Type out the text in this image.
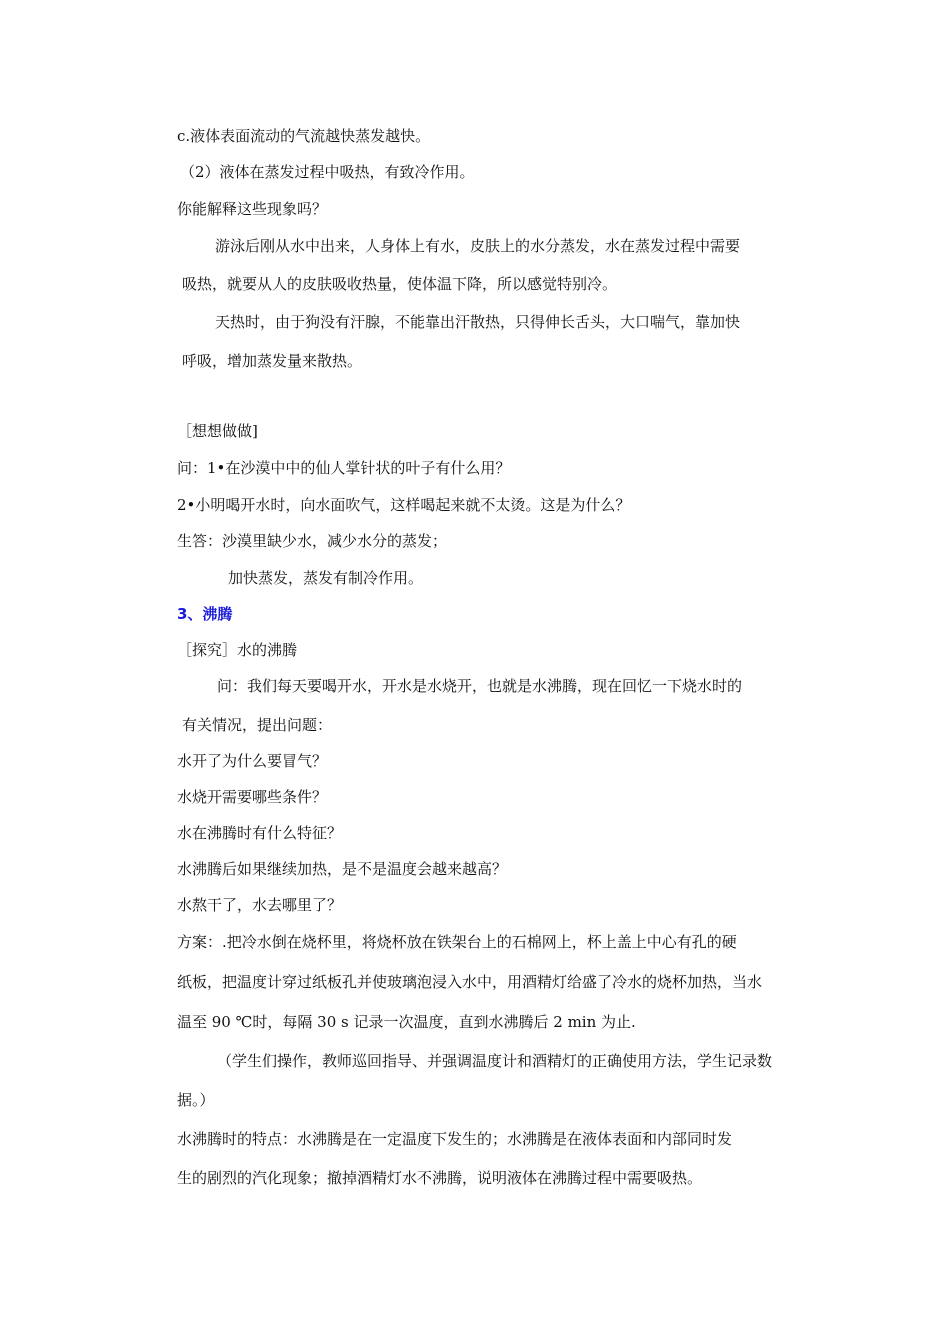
c.液体表面流动的气流越快蒸发越快。
（2）液体在蒸发过程中吸热，有致冷作用。
你能解释这些现象吗？
游泳后刚从水中出来，人身体上有水，皮肤上的水分蒸发，水在蒸发过程中需要
吸热，就要从人的皮肤吸收热量，使体温下降，所以感觉特别冷。
天热时，由于狗没有汗腺，不能靠出汗散热，只得伸长舌头，大口喘气，靠加快
呼吸，增加蒸发量来散热。
［想想做做]
问：1•在沙漠中中的仙人掌针状的叶子有什么用？
2•小明喝开水时，向水面吹气，这样喝起来就不太烫。这是为什么？
生答：沙漠里缺少水，减少水分的蒸发；
加快蒸发，蒸发有制冷作用。
3、沸腾
［探究］水的沸腾
问：我们每天要喝开水，开水是水烧开，也就是水沸腾，现在回忆一下烧水时的
有关情况，提出问题：
水开了为什么要冒气？
水烧开需要哪些条件？
水在沸腾时有什么特征？
水沸腾后如果继续加热，是不是温度会越来越高？
水熬干了，水去哪里了？
方案：.把冷水倒在烧杯里，将烧杯放在铁架台上的石棉网上，杯上盖上中心有孔的硬
纸板，把温度计穿过纸板孔并使玻璃泡浸入水中，用酒精灯给盛了冷水的烧杯加热，当水
温至 90 ℃时，每隔 30 s 记录一次温度，直到水沸腾后 2 min 为止.
（学生们操作，教师巡回指导、并强调温度计和酒精灯的正确使用方法，学生记录数
据。）
水沸腾时的特点：水沸腾是在一定温度下发生的；水沸腾是在液体表面和内部同时发
生的剧烈的汽化现象；撤掉酒精灯水不沸腾，说明液体在沸腾过程中需要吸热。
